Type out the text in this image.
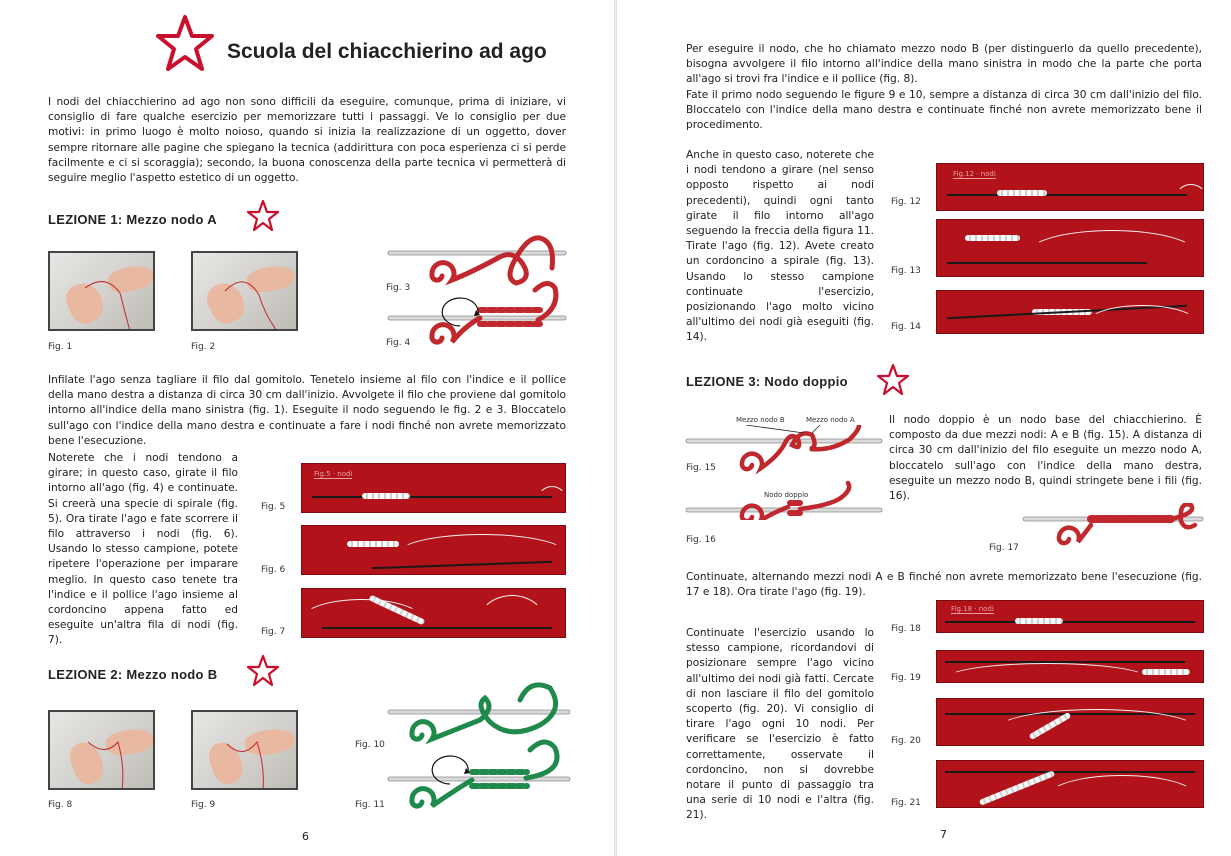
Scuola del chiacchierino ad ago
I nodi del chiacchierino ad ago non sono difficili da eseguire, comunque, prima di iniziare, vi consiglio di fare qualche esercizio per memorizzare tutti i passaggi. Ve lo consiglio per due motivi: in primo luogo è molto noioso, quando si inizia la realizzazione di un oggetto, dover sempre ritornare alle pagine che spiegano la tecnica (addirittura con poca esperienza ci si perde facilmente e ci si scoraggia); secondo, la buona conoscenza della parte tecnica vi permetterà di seguire meglio l'aspetto estetico di un oggetto.
LEZIONE 1: Mezzo nodo A
Fig. 1	Fig. 2
Fig. 3
Fig. 4
Infilate l'ago senza tagliare il filo dal gomitolo. Tenetelo insieme al filo con l'indice e il pollice della mano destra a distanza di circa 30 cm dall'inizio. Avvolgete il filo che proviene dal gomitolo intorno all'indice della mano sinistra (fig. 1). Eseguite il nodo seguendo le fig. 2 e 3. Bloccatelo sull'ago con l'indice della mano destra e continuate a fare i nodi finché non avrete memorizzato bene l'esecuzione.
Noterete che i nodi tendono a girare; in questo caso, girate il filo intorno all'ago (fig. 4) e continuate. Si creerà una specie di spirale (fig. 5). Ora tirate l'ago e fate scorrere il filo attraverso i nodi (fig. 6). Usando lo stesso campione, potete ripetere l'operazione per imparare meglio. In questo caso tenete tra l'indice e il pollice l'ago insieme al cordoncino appena fatto ed eseguite un'altra fila di nodi (fig. 7).
Fig.5 · nodi
Fig. 5
Fig. 6
Fig. 7
LEZIONE 2: Mezzo nodo B
Fig. 8	Fig. 9
Fig. 10
Fig. 11
6
Per eseguire il nodo, che ho chiamato mezzo nodo B (per distinguerlo da quello precedente), bisogna avvolgere il filo intorno all'indice della mano sinistra in modo che la parte che porta all'ago si trovi fra l'indice e il pollice (fig. 8).
Fate il primo nodo seguendo le figure 9 e 10, sempre a distanza di circa 30 cm dall'inizio del filo. Bloccatelo con l'indice della mano destra e continuate finché non avrete memorizzato bene il procedimento.
Anche in questo caso, noterete che i nodi tendono a girare (nel senso opposto rispetto ai nodi precedenti), quindi ogni tanto girate il filo intorno all'ago seguendo la freccia della figura 11. Tirate l'ago (fig. 12). Avete creato un cordoncino a spirale (fig. 13). Usando lo stesso campione continuate l'esercizio, posizionando l'ago molto vicino all'ultimo dei nodi già eseguiti (fig. 14).
Fig.12 · nodi
Fig. 12
Fig. 13
Fig. 14
LEZIONE 3: Nodo doppio
Mezzo nodo B	Mezzo nodo A
Fig. 15
Nodo doppio
Fig. 16
Il nodo doppio è un nodo base del chiacchierino. È composto da due mezzi nodi: A e B (fig. 15). A distanza di circa 30 cm dall'inizio del filo eseguite un mezzo nodo A, bloccatelo sull'ago con l'indice della mano destra, eseguite un mezzo nodo B, quindi stringete bene i fili (fig. 16).
Fig. 17
Continuate, alternando mezzi nodi A e B finché non avrete memorizzato bene l'esecuzione (fig. 17 e 18). Ora tirate l'ago (fig. 19).
Continuate l'esercizio usando lo stesso campione, ricordandovi di posizionare sempre l'ago vicino all'ultimo dei nodi già fatti. Cercate di non lasciare il filo del gomitolo scoperto (fig. 20). Vi consiglio di tirare l'ago ogni 10 nodi. Per verificare se l'esercizio è fatto correttamente, osservate il cordoncino, non si dovrebbe notare il punto di passaggio tra una serie di 10 nodi e l'altra (fig. 21).
Fig.18 · nodi
Fig. 18
Fig. 19
Fig. 20
Fig. 21
7
